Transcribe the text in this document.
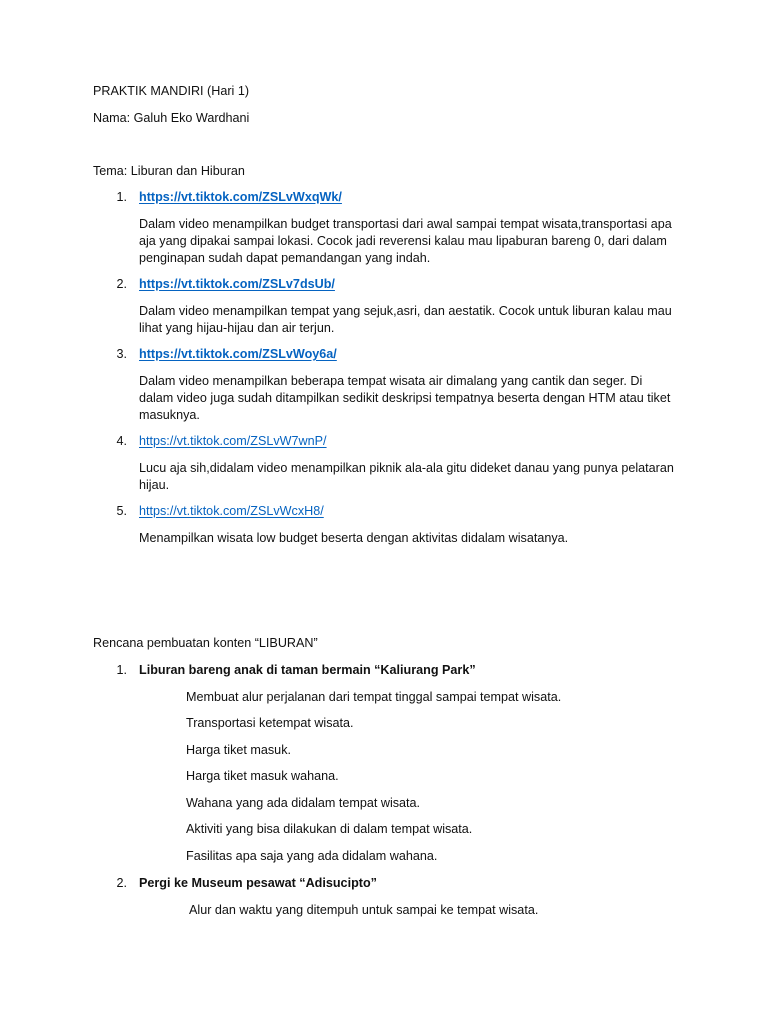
PRAKTIK MANDIRI (Hari 1)
Nama: Galuh Eko Wardhani
Tema: Liburan dan Hiburan
1. https://vt.tiktok.com/ZSLvWxqWk/
Dalam video menampilkan budget transportasi dari awal sampai tempat wisata,transportasi apa aja yang dipakai sampai lokasi. Cocok jadi reverensi kalau mau lipaburan bareng 0, dari dalam penginapan sudah dapat pemandangan yang indah.
2. https://vt.tiktok.com/ZSLv7dsUb/
Dalam video menampilkan tempat yang sejuk,asri, dan aestatik. Cocok untuk liburan kalau mau lihat yang hijau-hijau dan air terjun.
3. https://vt.tiktok.com/ZSLvWoy6a/
Dalam video menampilkan beberapa tempat wisata air dimalang yang cantik dan seger. Di dalam video juga sudah ditampilkan sedikit deskripsi tempatnya beserta dengan HTM atau tiket masuknya.
4. https://vt.tiktok.com/ZSLvW7wnP/
Lucu aja sih,didalam video menampilkan piknik ala-ala gitu dideket danau yang punya pelataran hijau.
5. https://vt.tiktok.com/ZSLvWcxH8/
Menampilkan wisata low budget beserta dengan aktivitas didalam wisatanya.
Rencana pembuatan konten “LIBURAN”
1. Liburan bareng anak di taman bermain “Kaliurang Park”
Membuat alur perjalanan dari tempat tinggal sampai tempat wisata.
Transportasi ketempat wisata.
Harga tiket masuk.
Harga tiket masuk wahana.
Wahana yang ada didalam tempat wisata.
Aktiviti yang bisa dilakukan di dalam tempat wisata.
Fasilitas apa saja yang ada didalam wahana.
2. Pergi ke Museum pesawat “Adisucipto”
Alur dan waktu yang ditempuh untuk sampai ke tempat wisata.
